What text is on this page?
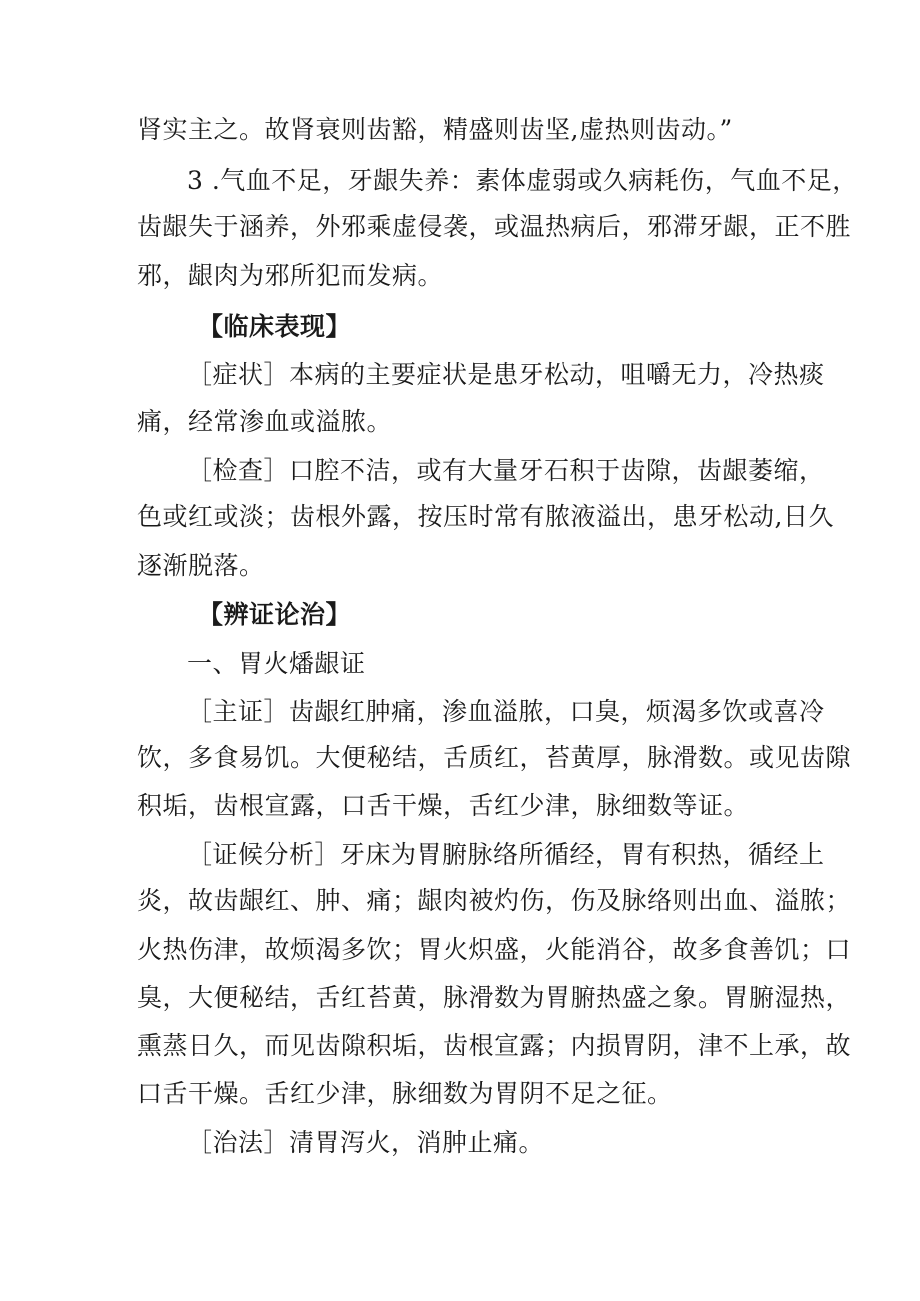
肾实主之。故肾衰则齿豁，精盛则齿坚,虚热则齿动。”
3 .气血不足，牙龈失养：素体虚弱或久病耗伤，气血不足，
齿龈失于涵养，外邪乘虚侵袭，或温热病后，邪滞牙龈，正不胜
邪，龈肉为邪所犯而发病。
【临床表现】
［症状］本病的主要症状是患牙松动，咀嚼无力，冷热痰
痛，经常渗血或溢脓。
［检查］口腔不洁，或有大量牙石积于齿隙，齿龈萎缩，
色或红或淡；齿根外露，按压时常有脓液溢出，患牙松动,日久
逐渐脱落。
【辨证论治】
一、胃火燔龈证
［主证］齿龈红肿痛，渗血溢脓，口臭，烦渴多饮或喜冷
饮，多食易饥。大便秘结，舌质红，苔黄厚，脉滑数。或见齿隙
积垢，齿根宣露，口舌干燥，舌红少津，脉细数等证。
［证候分析］牙床为胃腑脉络所循经，胃有积热，循经上
炎，故齿龈红、肿、痛；龈肉被灼伤，伤及脉络则出血、溢脓；
火热伤津，故烦渴多饮；胃火炽盛，火能消谷，故多食善饥；口
臭，大便秘结，舌红苔黄，脉滑数为胃腑热盛之象。胃腑湿热，
熏蒸日久，而见齿隙积垢，齿根宣露；内损胃阴，津不上承，故
口舌干燥。舌红少津，脉细数为胃阴不足之征。
［治法］清胃泻火，消肿止痛。
